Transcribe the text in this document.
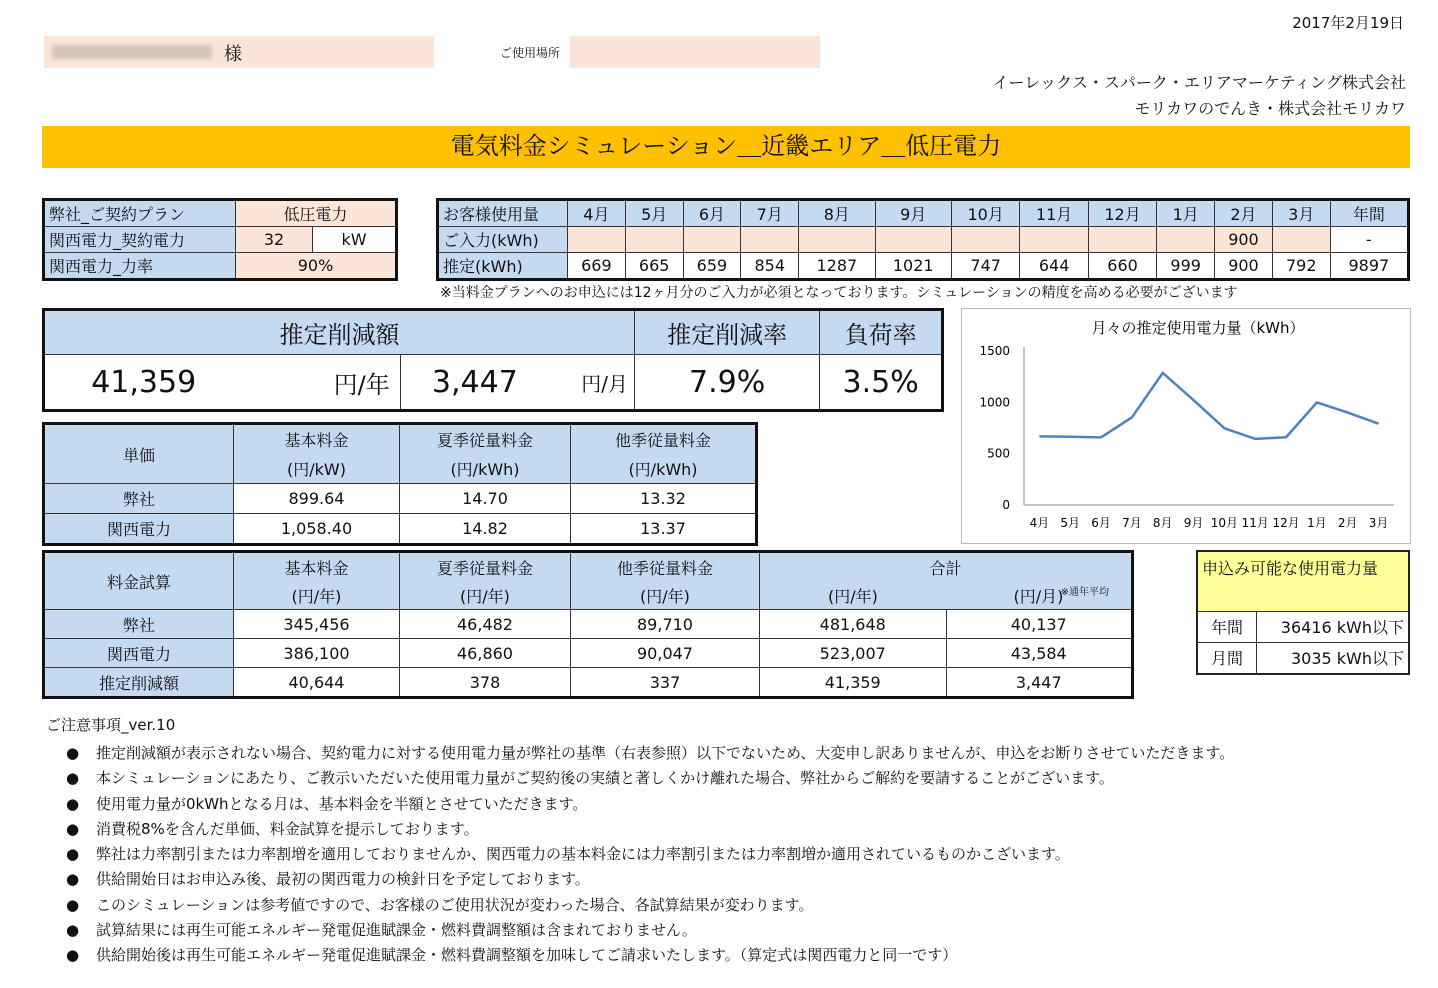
2017年2月19日
様	ご使用場所
イーレックス・スパーク・エリアマーケティング株式会社
モリカワのでんき・株式会社モリカワ
電気料金シミュレーション＿近畿エリア＿低圧電力
弊社_ご契約プラン	低圧電力	
関西電力_契約電力	32	kW
関西電力_力率	90%	
お客様使用量	4月	5月	6月	7月	8月	9月	10月	11月	12月	1月	2月	3月	年間
ご入力(kWh)											900		-
推定(kWh)	669	665	659	854	1287	1021	747	644	660	999	900	792	9897
※当料金プランへのお申込には12ヶ月分のご入力が必須となっております。シミュレーションの精度を高める必要がございます
推定削減額				推定削減率	負荷率
41,359	円/年	3,447	円/月	7.9%	3.5%
単価	基本料金	夏季従量料金	他季従量料金
	(円/kW)	(円/kWh)	(円/kWh)
弊社	899.64	14.70	13.32
関西電力	1,058.40	14.82	13.37
月々の推定使用電力量（kWh）
0
500
1000
1500
4月 5月 6月 7月 8月 9月 10月 11月 12月 1月 2月 3月
料金試算	基本料金	夏季従量料金	他季従量料金	合計	
	(円/年)	(円/年)	(円/年)	(円/年)	(円/月)
※通年平均

弊社	345,456	46,482	89,710	481,648	40,137
関西電力	386,100	46,860	90,047	523,007	43,584
推定削減額	40,644	378	337	41,359	3,447
申込み可能な使用電力量	
年間	36416 kWh以下
月間	3035 kWh以下
ご注意事項_ver.10
● 推定削減額が表示されない場合、契約電力に対する使用電力量が弊社の基準（右表参照）以下でないため、大変申し訳ありませんが、申込をお断りさせていただきます。
● 本シミュレーションにあたり、ご教示いただいた使用電力量がご契約後の実績と著しくかけ離れた場合、弊社からご解約を要請することがございます。
● 使用電力量が0kWhとなる月は、基本料金を半額とさせていただきます。
● 消費税8%を含んだ単価、料金試算を提示しております。
● 弊社は力率割引または力率割増を適用しておりませんか、関西電力の基本料金には力率割引または力率割増か適用されているものかこざいます。
● 供給開始日はお申込み後、最初の関西電力の検針日を予定しております。
● このシミュレーションは参考値ですので、お客様のご使用状況が変わった場合、各試算結果が変わります。
● 試算結果には再生可能エネルギー発電促進賦課金・燃料費調整額は含まれておりません。
● 供給開始後は再生可能エネルギー発電促進賦課金・燃料費調整額を加味してご請求いたします。（算定式は関西電力と同一です）
